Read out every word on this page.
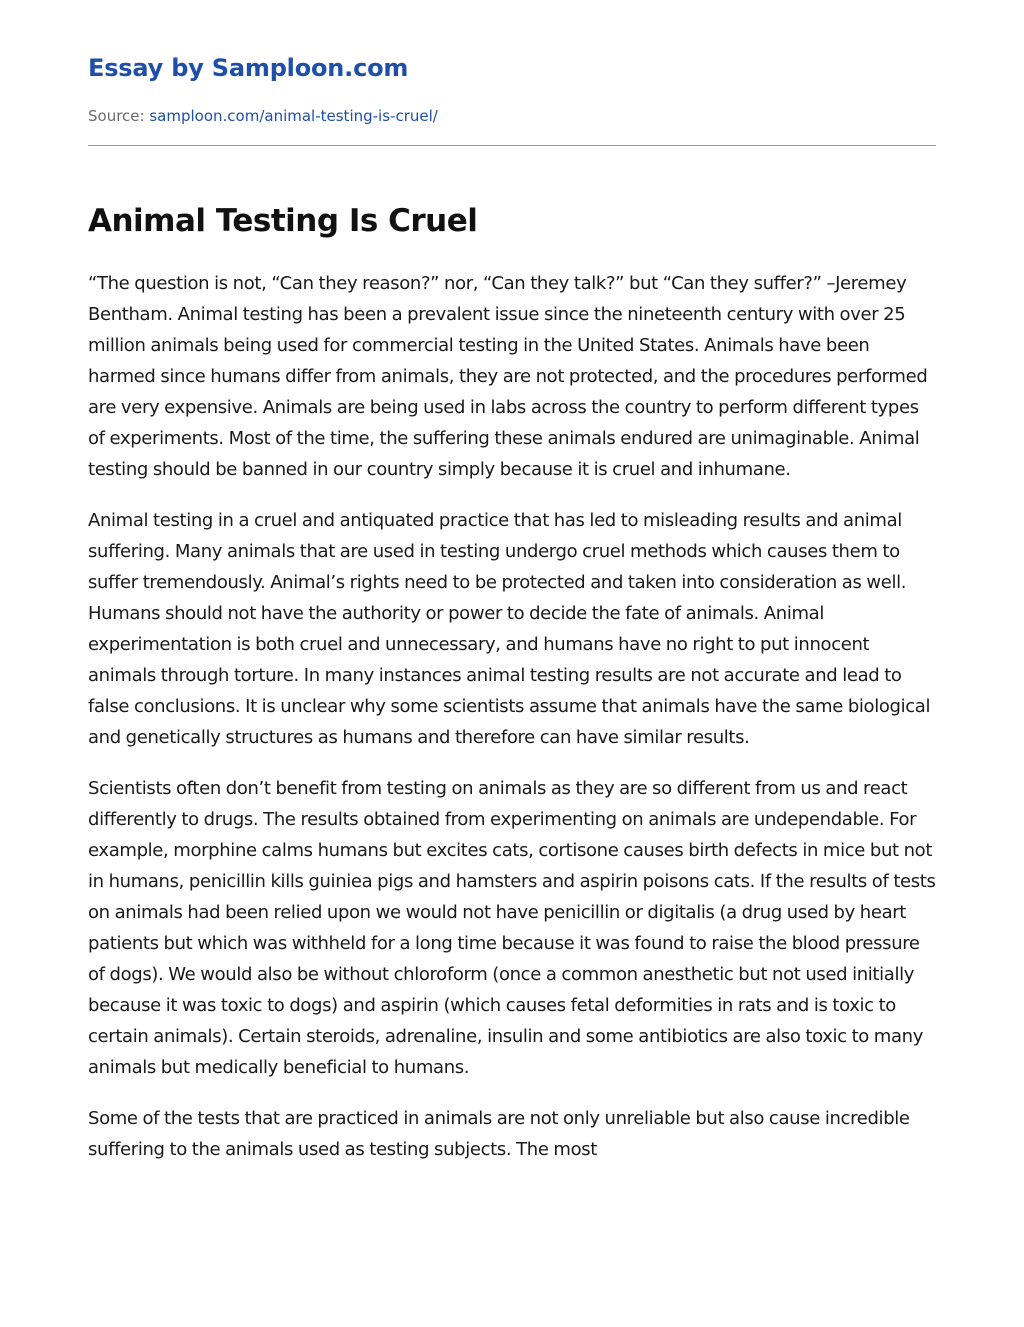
Essay by Samploon.com
Source: samploon.com/animal-testing-is-cruel/
Animal Testing Is Cruel

“The question is not, “Can they reason?” nor, “Can they talk?” but “Can they suffer?” –Jeremey Bentham. Animal testing has been a prevalent issue since the nineteenth century with over 25 million animals being used for commercial testing in the United States. Animals have been harmed since humans differ from animals, they are not protected, and the procedures performed are very expensive. Animals are being used in labs across the country to perform different types of experiments. Most of the time, the suffering these animals endured are unimaginable. Animal testing should be banned in our country simply because it is cruel and inhumane.

Animal testing in a cruel and antiquated practice that has led to misleading results and animal suffering. Many animals that are used in testing undergo cruel methods which causes them to suffer tremendously. Animal’s rights need to be protected and taken into consideration as well. Humans should not have the authority or power to decide the fate of animals. Animal experimentation is both cruel and unnecessary, and humans have no right to put innocent animals through torture. In many instances animal testing results are not accurate and lead to false conclusions. It is unclear why some scientists assume that animals have the same biological and genetically structures as humans and therefore can have similar results.

Scientists often don’t benefit from testing on animals as they are so different from us and react differently to drugs. The results obtained from experimenting on animals are undependable. For example, morphine calms humans but excites cats, cortisone causes birth defects in mice but not in humans, penicillin kills guiniea pigs and hamsters and aspirin poisons cats. If the results of tests on animals had been relied upon we would not have penicillin or digitalis (a drug used by heart patients but which was withheld for a long time because it was found to raise the blood pressure of dogs). We would also be without chloroform (once a common anesthetic but not used initially because it was toxic to dogs) and aspirin (which causes fetal deformities in rats and is toxic to certain animals). Certain steroids, adrenaline, insulin and some antibiotics are also toxic to many animals but medically beneficial to humans.

Some of the tests that are practiced in animals are not only unreliable but also cause incredible suffering to the animals used as testing subjects. The most
